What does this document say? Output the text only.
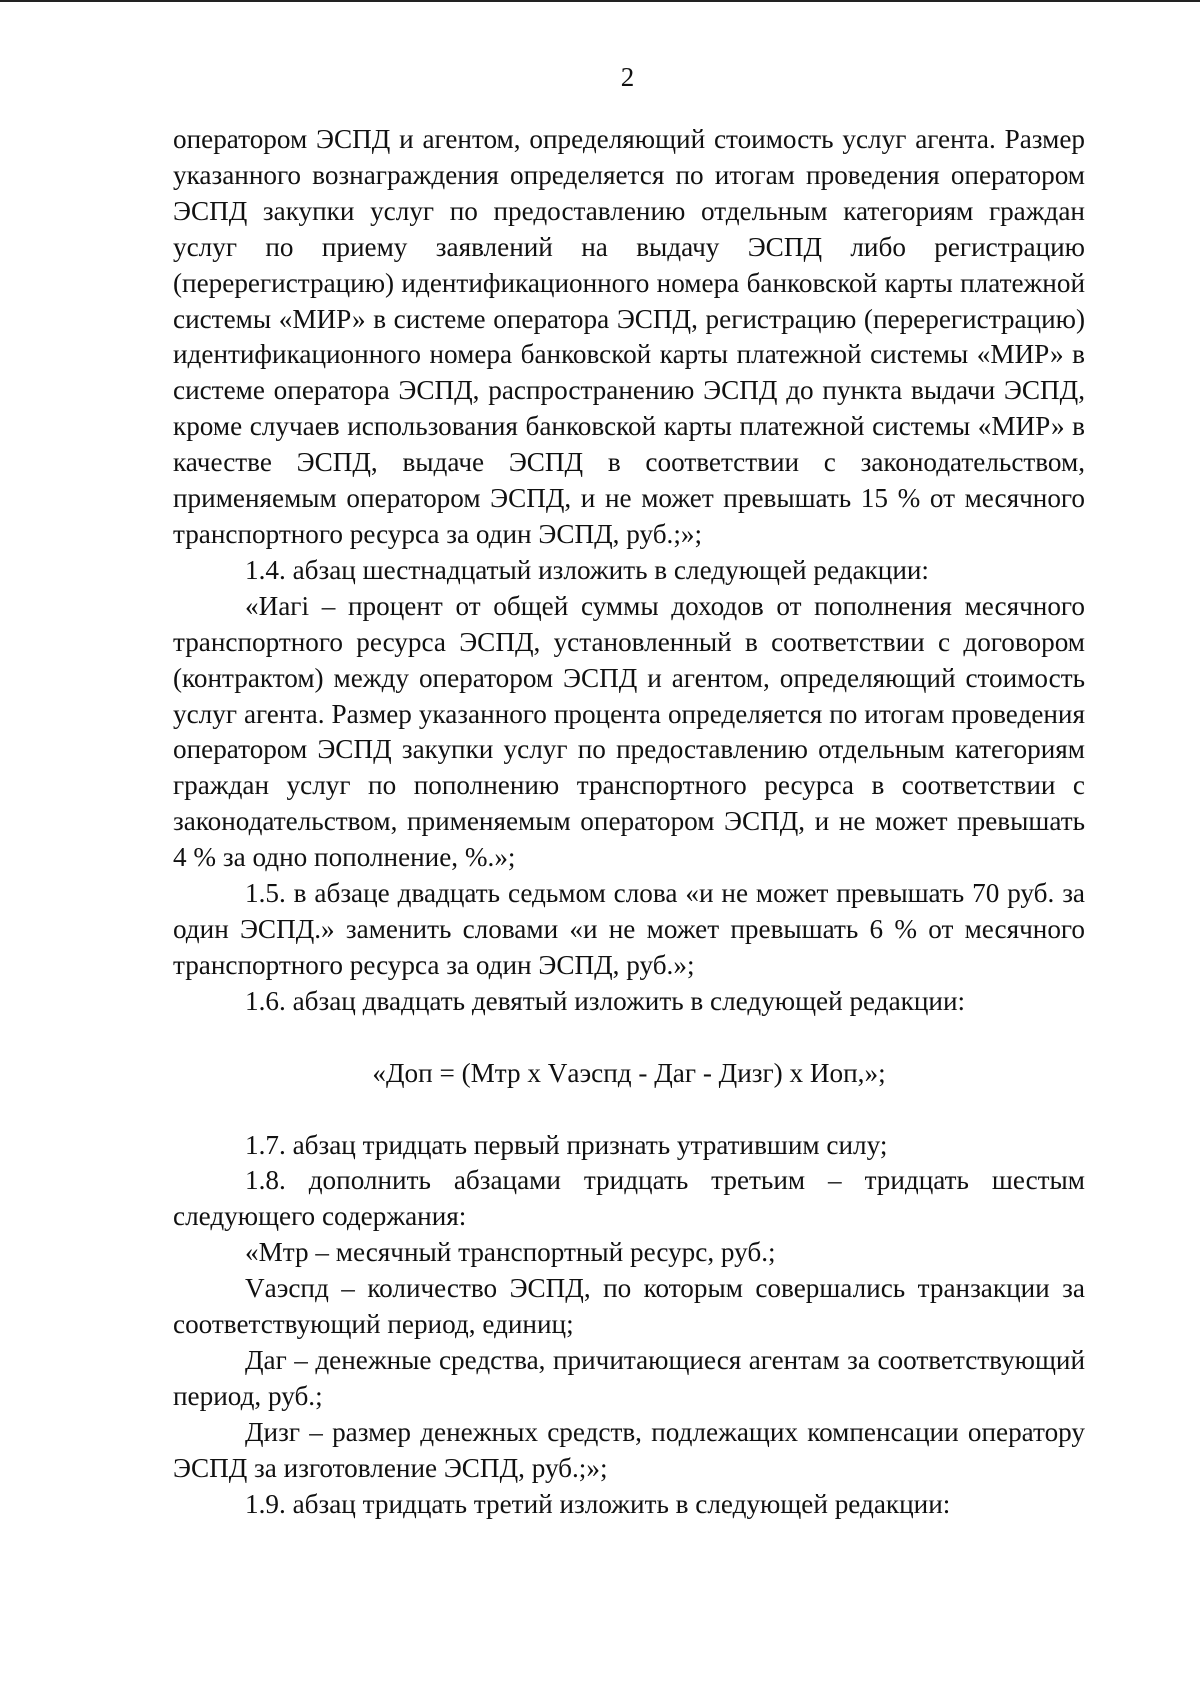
2

оператором ЭСПД и агентом, определяющий стоимость услуг агента. Размер указанного вознаграждения определяется по итогам проведения оператором ЭСПД закупки услуг по предоставлению отдельным категориям граждан услуг по приему заявлений на выдачу ЭСПД либо регистрацию (перерегистрацию) идентификационного номера банковской карты платежной системы «МИР» в системе оператора ЭСПД, регистрацию (перерегистрацию) идентификационного номера банковской карты платежной системы «МИР» в системе оператора ЭСПД, распространению ЭСПД до пункта выдачи ЭСПД, кроме случаев использования банковской карты платежной системы «МИР» в качестве ЭСПД, выдаче ЭСПД в соответствии с законодательством, применяемым оператором ЭСПД, и не может превышать 15 % от месячного транспортного ресурса за один ЭСПД, руб.;»;

1.4. абзац шестнадцатый изложить в следующей редакции:

«Иагі – процент от общей суммы доходов от пополнения месячного транспортного ресурса ЭСПД, установленный в соответствии с договором (контрактом) между оператором ЭСПД и агентом, определяющий стоимость услуг агента. Размер указанного процента определяется по итогам проведения оператором ЭСПД закупки услуг по предоставлению отдельным категориям граждан услуг по пополнению транспортного ресурса в соответствии с законодательством, применяемым оператором ЭСПД, и не может превышать 4 % за одно пополнение, %.»;

1.5. в абзаце двадцать седьмом слова «и не может превышать 70 руб. за один ЭСПД.» заменить словами «и не может превышать 6 % от месячного транспортного ресурса за один ЭСПД, руб.»;

1.6. абзац двадцать девятый изложить в следующей редакции:

«Доп = (Мтр х Vаэспд - Даг - Дизг) х Иоп,»;

1.7. абзац тридцать первый признать утратившим силу;

1.8. дополнить абзацами тридцать третьим – тридцать шестым следующего содержания:

«Мтр – месячный транспортный ресурс, руб.;

Vаэспд – количество ЭСПД, по которым совершались транзакции за соответствующий период, единиц;

Даг – денежные средства, причитающиеся агентам за соответствующий период, руб.;

Дизг – размер денежных средств, подлежащих компенсации оператору ЭСПД за изготовление ЭСПД, руб.;»;

1.9. абзац тридцать третий изложить в следующей редакции:
